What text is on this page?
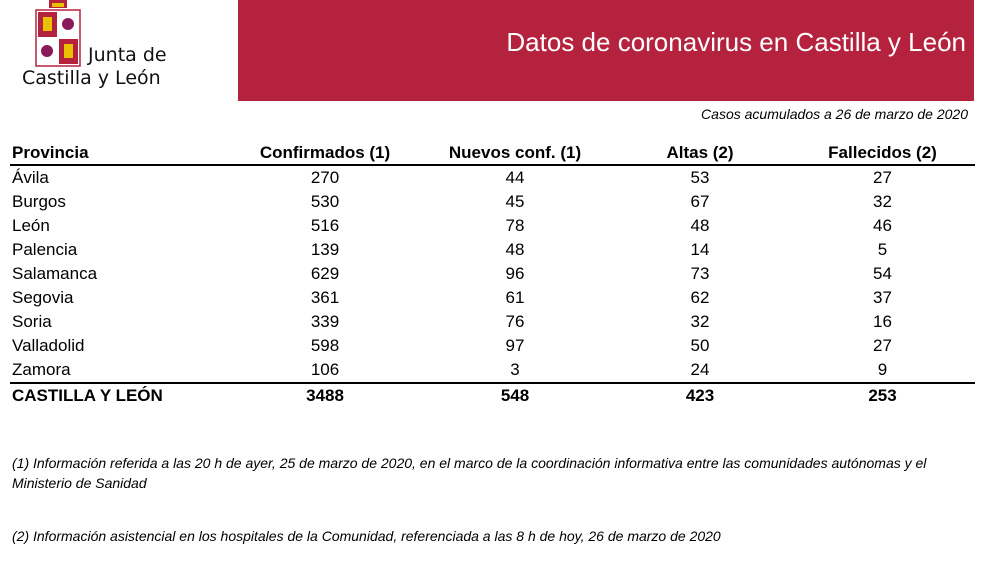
Junta de
Castilla y León
Datos de coronavirus en Castilla y León
Casos acumulados a 26 de marzo de 2020
Provincia	Confirmados (1)	Nuevos conf. (1)	Altas (2)	Fallecidos (2)
Ávila	270	44	53	27
Burgos	530	45	67	32
León	516	78	48	46
Palencia	139	48	14	5
Salamanca	629	96	73	54
Segovia	361	61	62	37
Soria	339	76	32	16
Valladolid	598	97	50	27
Zamora	106	3	24	9
CASTILLA Y LEÓN	3488	548	423	253
(1) Información referida a las 20 h de ayer, 25 de marzo de 2020, en el marco de la coordinación informativa entre las comunidades autónomas y el Ministerio de Sanidad
(2) Información asistencial en los hospitales de la Comunidad, referenciada a las 8 h de hoy, 26 de marzo de 2020
